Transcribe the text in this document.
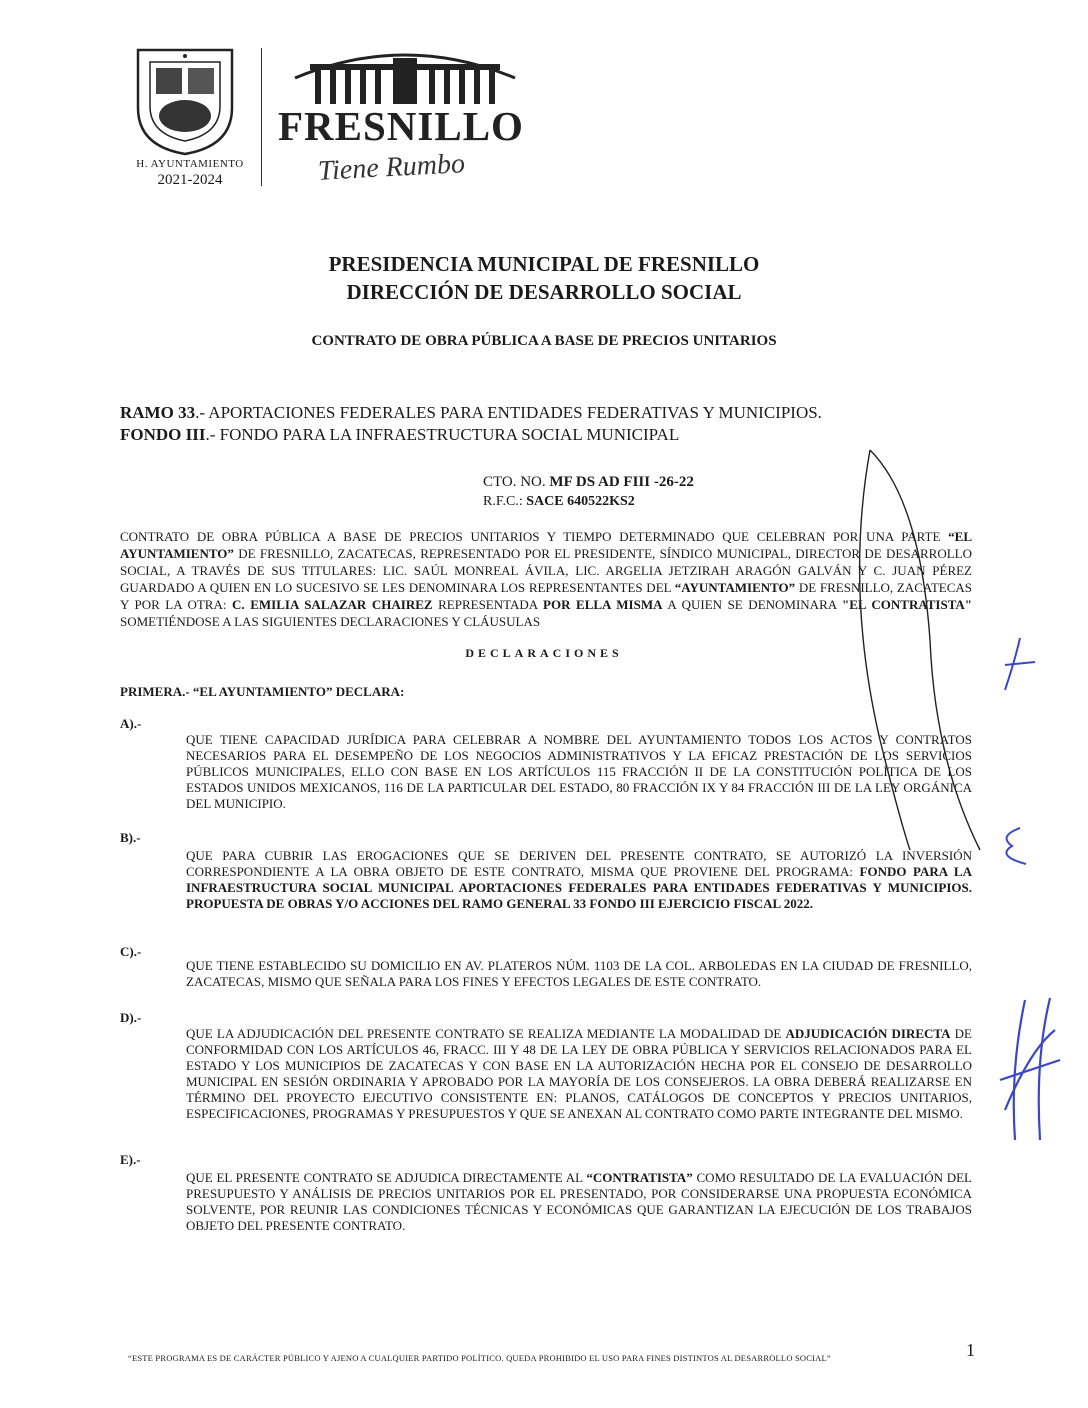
H. AYUNTAMIENTO
2021-2024
FRESNILLO
Tiene Rumbo
PRESIDENCIA MUNICIPAL DE FRESNILLO
DIRECCIÓN DE DESARROLLO SOCIAL
CONTRATO DE OBRA PÚBLICA A BASE DE PRECIOS UNITARIOS
RAMO 33.- APORTACIONES FEDERALES PARA ENTIDADES FEDERATIVAS Y MUNICIPIOS.
FONDO III.- FONDO PARA LA INFRAESTRUCTURA SOCIAL MUNICIPAL
CTO. NO. MF DS AD FIII -26-22
R.F.C.: SACE 640522KS2
CONTRATO DE OBRA PÚBLICA A BASE DE PRECIOS UNITARIOS Y TIEMPO DETERMINADO QUE CELEBRAN POR UNA PARTE “EL AYUNTAMIENTO” DE FRESNILLO, ZACATECAS, REPRESENTADO POR EL PRESIDENTE, SÍNDICO MUNICIPAL, DIRECTOR DE DESARROLLO SOCIAL, A TRAVÉS DE SUS TITULARES: LIC. SAÚL MONREAL ÁVILA, LIC. ARGELIA JETZIRAH ARAGÓN GALVÁN Y C. JUAN PÉREZ GUARDADO A QUIEN EN LO SUCESIVO SE LES DENOMINARA LOS REPRESENTANTES DEL “AYUNTAMIENTO” DE FRESNILLO, ZACATECAS Y POR LA OTRA: C. EMILIA SALAZAR CHAIREZ REPRESENTADA POR ELLA MISMA A QUIEN SE DENOMINARA "EL CONTRATISTA" SOMETIÉNDOSE A LAS SIGUIENTES DECLARACIONES Y CLÁUSULAS
DECLARACIONES
PRIMERA.- “EL AYUNTAMIENTO” DECLARA:
A).-
QUE TIENE CAPACIDAD JURÍDICA PARA CELEBRAR A NOMBRE DEL AYUNTAMIENTO TODOS LOS ACTOS Y CONTRATOS NECESARIOS PARA EL DESEMPEÑO DE LOS NEGOCIOS ADMINISTRATIVOS Y LA EFICAZ PRESTACIÓN DE LOS SERVICIOS PÚBLICOS MUNICIPALES, ELLO CON BASE EN LOS ARTÍCULOS 115 FRACCIÓN II DE LA CONSTITUCIÓN POLÍTICA DE LOS ESTADOS UNIDOS MEXICANOS, 116 DE LA PARTICULAR DEL ESTADO, 80 FRACCIÓN IX Y 84 FRACCIÓN III DE LA LEY ORGÁNICA DEL MUNICIPIO.
B).-
QUE PARA CUBRIR LAS EROGACIONES QUE SE DERIVEN DEL PRESENTE CONTRATO, SE AUTORIZÓ LA INVERSIÓN CORRESPONDIENTE A LA OBRA OBJETO DE ESTE CONTRATO, MISMA QUE PROVIENE DEL PROGRAMA: FONDO PARA LA INFRAESTRUCTURA SOCIAL MUNICIPAL APORTACIONES FEDERALES PARA ENTIDADES FEDERATIVAS Y MUNICIPIOS. PROPUESTA DE OBRAS Y/O ACCIONES DEL RAMO GENERAL 33 FONDO III EJERCICIO FISCAL 2022.
C).-
QUE TIENE ESTABLECIDO SU DOMICILIO EN AV. PLATEROS NÚM. 1103 DE LA COL. ARBOLEDAS EN LA CIUDAD DE FRESNILLO, ZACATECAS, MISMO QUE SEÑALA PARA LOS FINES Y EFECTOS LEGALES DE ESTE CONTRATO.
D).-
QUE LA ADJUDICACIÓN DEL PRESENTE CONTRATO SE REALIZA MEDIANTE LA MODALIDAD DE ADJUDICACIÓN DIRECTA DE CONFORMIDAD CON LOS ARTÍCULOS 46, FRACC. III Y 48 DE LA LEY DE OBRA PÚBLICA Y SERVICIOS RELACIONADOS PARA EL ESTADO Y LOS MUNICIPIOS DE ZACATECAS Y CON BASE EN LA AUTORIZACIÓN HECHA POR EL CONSEJO DE DESARROLLO MUNICIPAL EN SESIÓN ORDINARIA Y APROBADO POR LA MAYORÍA DE LOS CONSEJEROS. LA OBRA DEBERÁ REALIZARSE EN TÉRMINO DEL PROYECTO EJECUTIVO CONSISTENTE EN: PLANOS, CATÁLOGOS DE CONCEPTOS Y PRECIOS UNITARIOS, ESPECIFICACIONES, PROGRAMAS Y PRESUPUESTOS Y QUE SE ANEXAN AL CONTRATO COMO PARTE INTEGRANTE DEL MISMO.
E).-
QUE EL PRESENTE CONTRATO SE ADJUDICA DIRECTAMENTE AL “CONTRATISTA” COMO RESULTADO DE LA EVALUACIÓN DEL PRESUPUESTO Y ANÁLISIS DE PRECIOS UNITARIOS POR EL PRESENTADO, POR CONSIDERARSE UNA PROPUESTA ECONÓMICA SOLVENTE, POR REUNIR LAS CONDICIONES TÉCNICAS Y ECONÓMICAS QUE GARANTIZAN LA EJECUCIÓN DE LOS TRABAJOS OBJETO DEL PRESENTE CONTRATO.
“ESTE PROGRAMA ES DE CARÁCTER PÚBLICO Y AJENO A CUALQUIER PARTIDO POLÍTICO. QUEDA PROHIBIDO EL USO PARA FINES DISTINTOS AL DESARROLLO SOCIAL”	1
